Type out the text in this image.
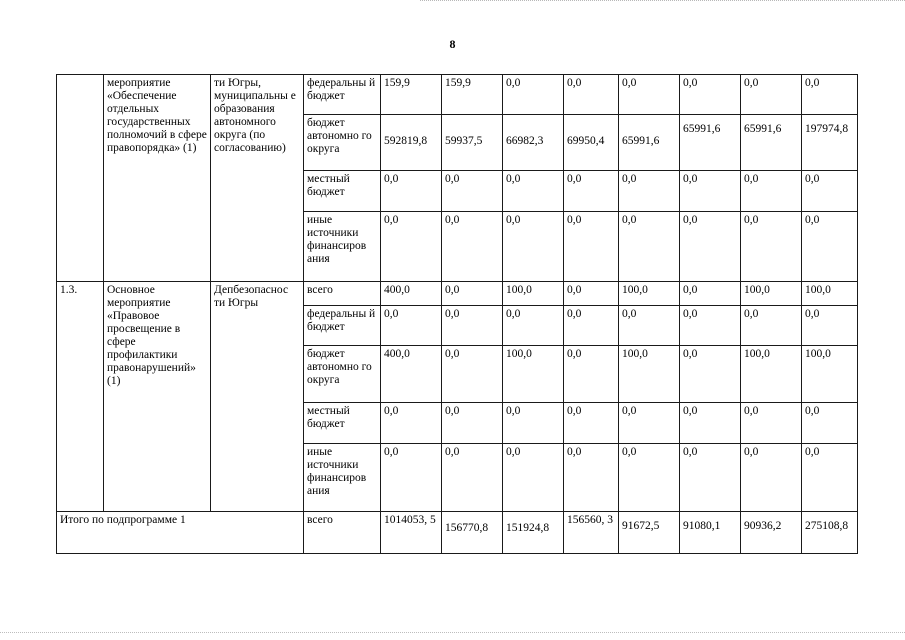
8
	мероприятие «Обеспечение отдельных государственных полномочий в сфере правопорядка» (1)	ти Югры, муниципальны е образования автономного округа (по согласованию)	федеральны й бюджет	159,9	159,9	0,0	0,0	0,0	0,0	0,0	0,0
			бюджет автономно го округа	592819,8	59937,5	66982,3	69950,4	65991,6	65991,6	65991,6	197974,8
			местный бюджет	0,0	0,0	0,0	0,0	0,0	0,0	0,0	0,0
			иные источники финансиров ания	0,0	0,0	0,0	0,0	0,0	0,0	0,0	0,0
1.3.	Основное мероприятие «Правовое просвещение в сфере профилактики правонарушений» (1)	Депбезопаснос ти Югры	всего	400,0	0,0	100,0	0,0	100,0	0,0	100,0	100,0
			федеральны й бюджет	0,0	0,0	0,0	0,0	0,0	0,0	0,0	0,0
			бюджет автономно го округа	400,0	0,0	100,0	0,0	100,0	0,0	100,0	100,0
			местный бюджет	0,0	0,0	0,0	0,0	0,0	0,0	0,0	0,0
			иные источники финансиров ания	0,0	0,0	0,0	0,0	0,0	0,0	0,0	0,0
Итого по подпрограмме 1			всего	1014053, 5	156770,8	151924,8	156560, 3	91672,5	91080,1	90936,2	275108,8
